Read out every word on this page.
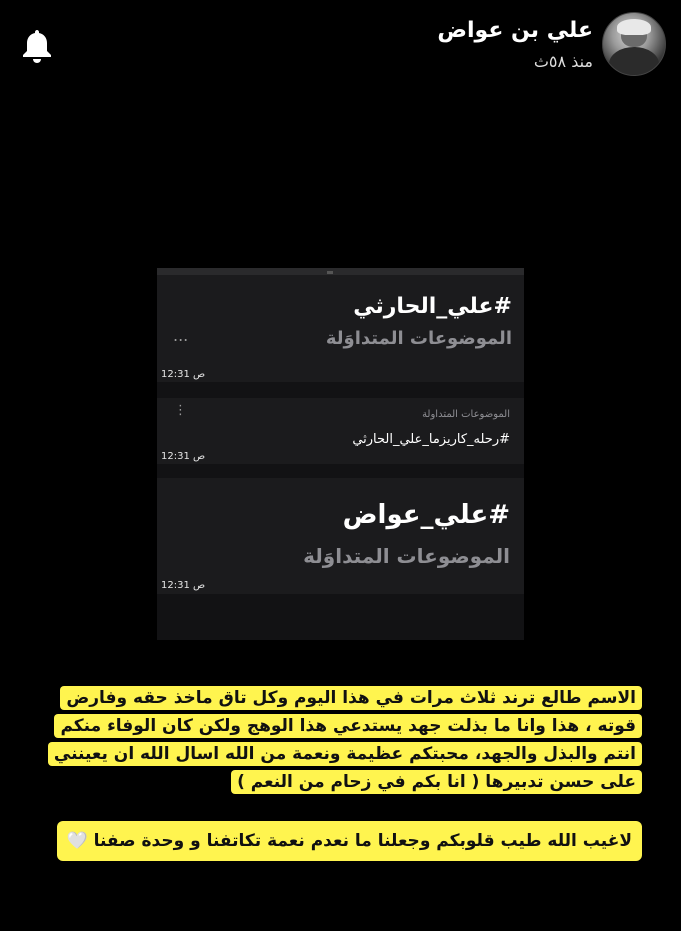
علي بن عواض
منذ ٥٨ث
#علي_الحارثي
الموضوعات المتداوَلة
...
12:31 ص
الموضوعات المتداولة
#رحله_كاريزما_علي_الحارثي
⋮
12:31 ص
#علي_عواض
الموضوعات المتداوَلة
12:31 ص
الاسم طالع ترند ثلاث مرات في هذا اليوم وكل تاق ماخذ حقه وفارض قوته ، هذا وانا ما بذلت جهد يستدعي هذا الوهج ولكن كان الوفاء منكم انتم والبذل والجهد، محبتكم عظيمة ونعمة من الله اسال الله ان يعينني على حسن تدبيرها ( انا بكم في زحام من النعم )
لاغيب الله طيب قلوبكم وجعلنا ما نعدم نعمة تكاتفنا و وحدة صفنا 🤍
